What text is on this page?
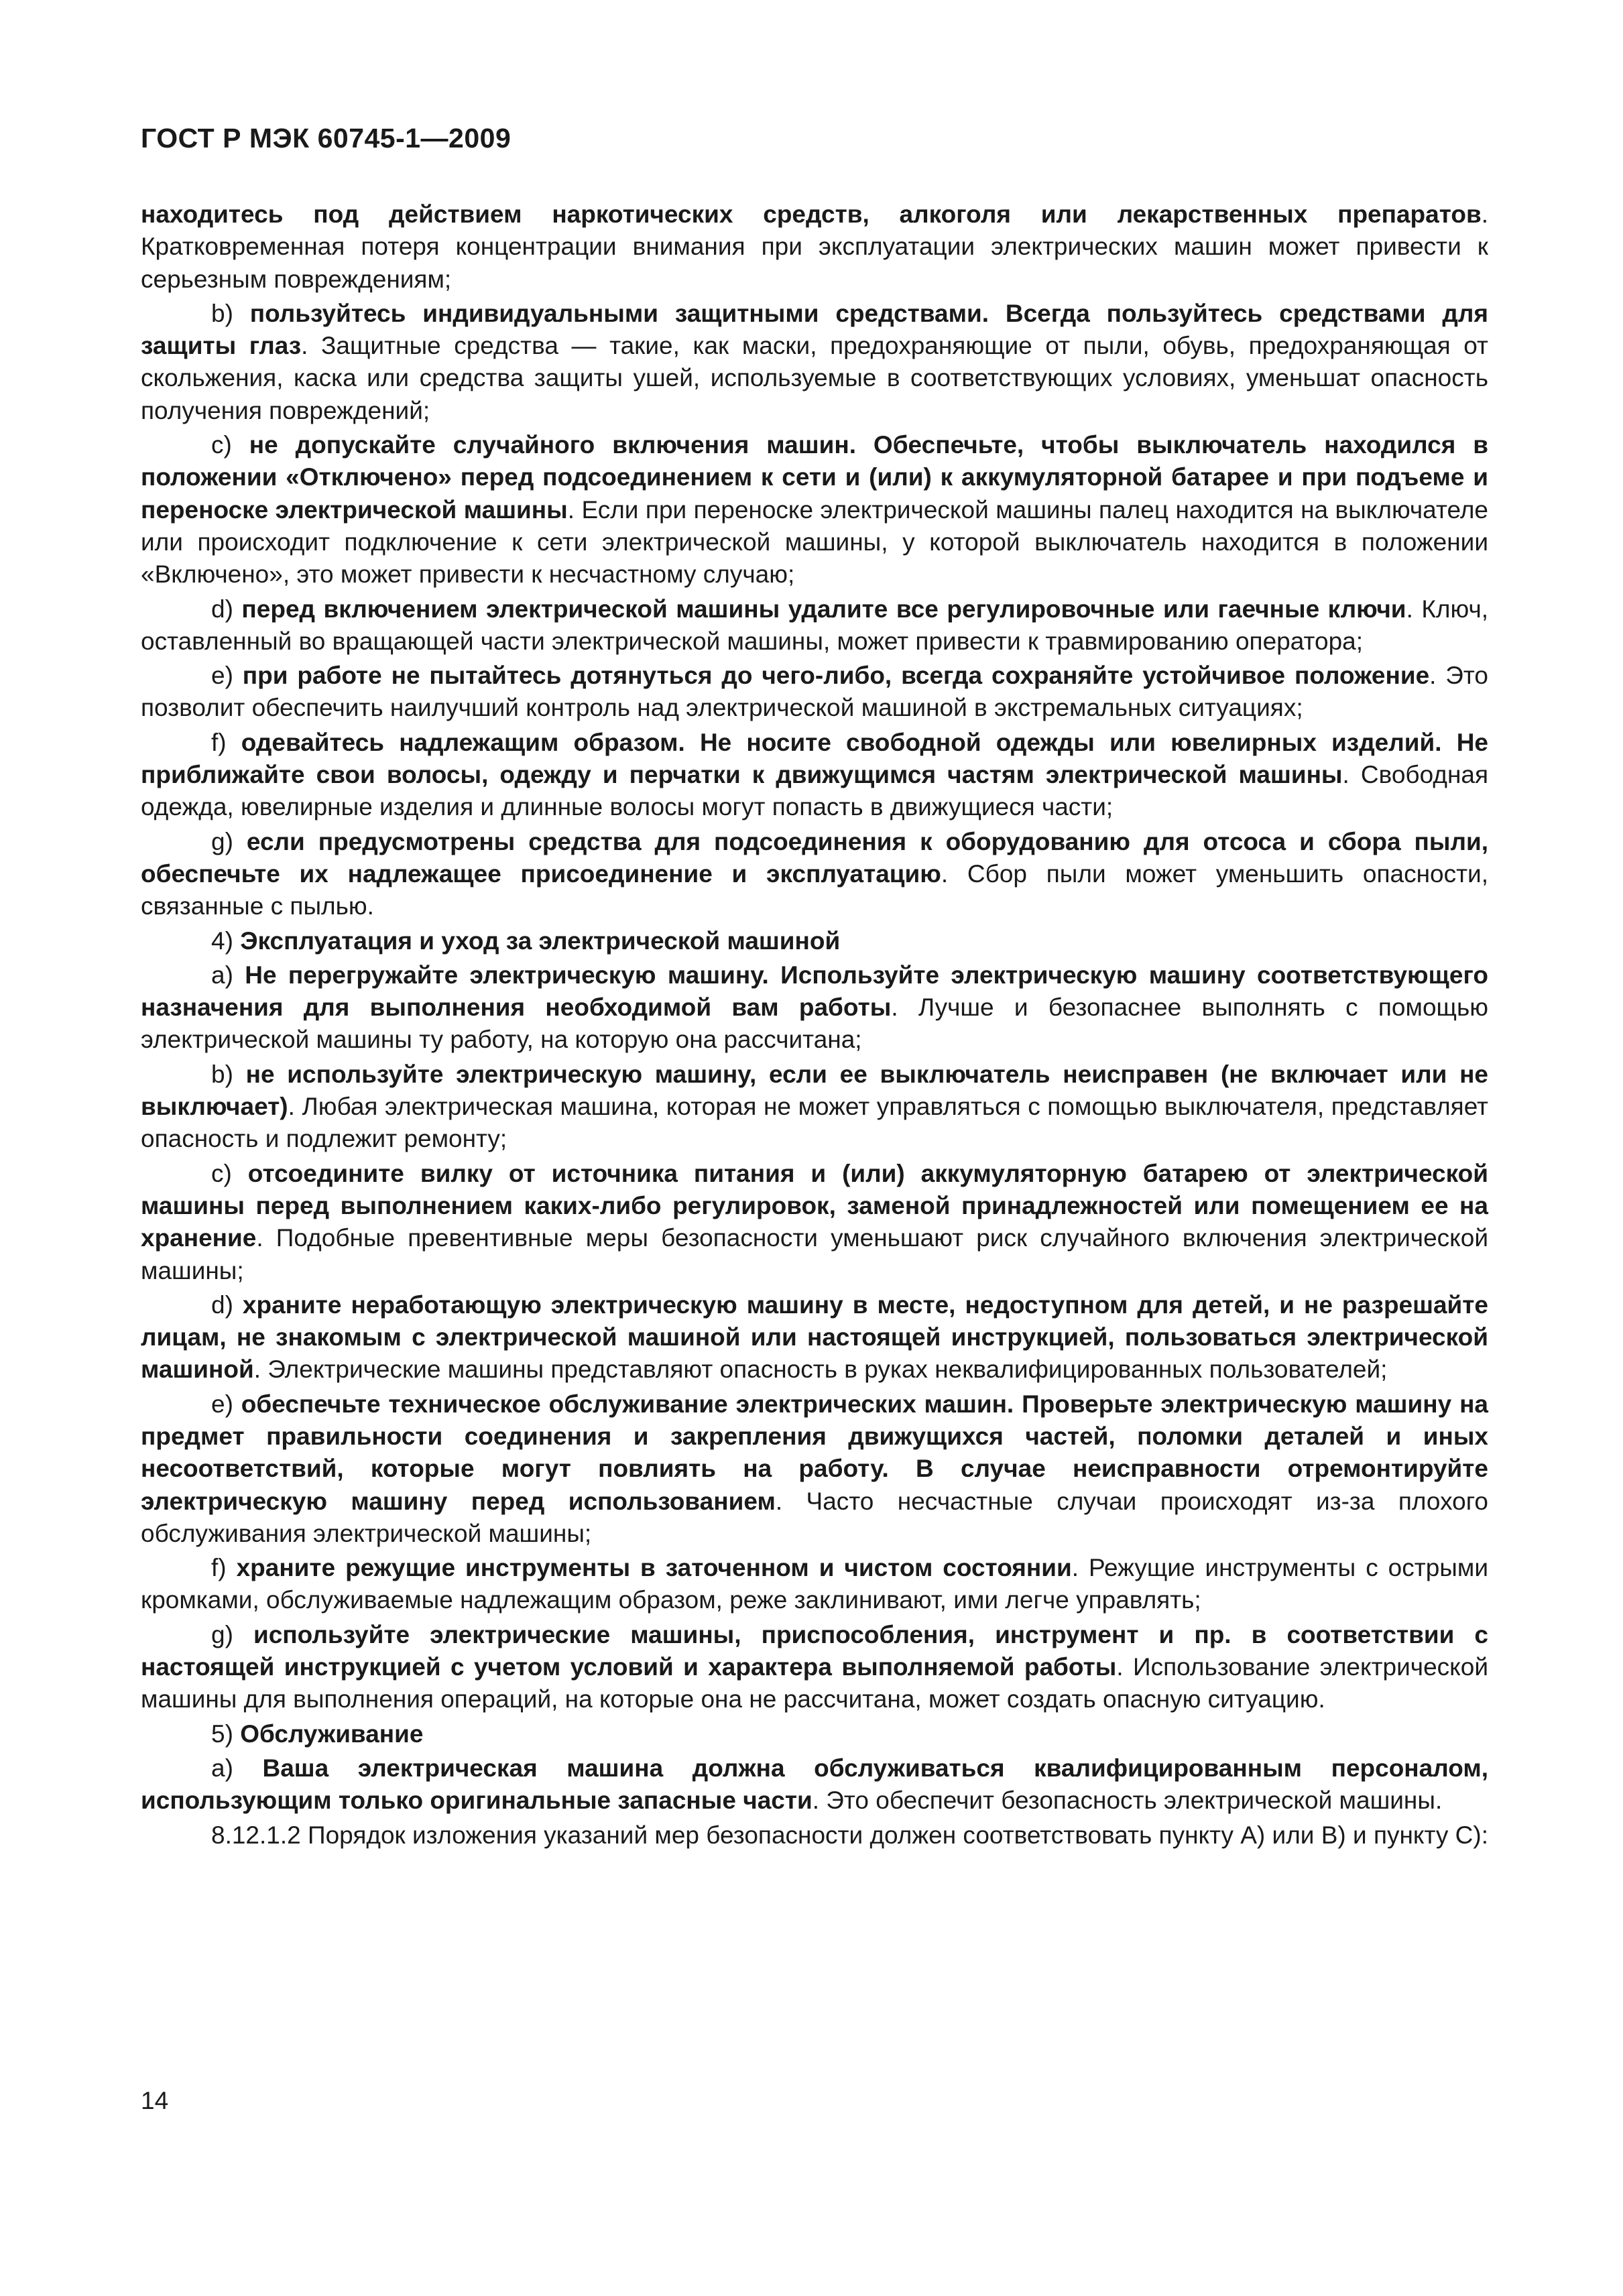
ГОСТ Р МЭК 60745-1—2009

находитесь под действием наркотических средств, алкоголя или лекарственных препаратов. Кратковременная потеря концентрации внимания при эксплуатации электрических машин может привести к серьезным повреждениям;

b) пользуйтесь индивидуальными защитными средствами. Всегда пользуйтесь средствами для защиты глаз. Защитные средства — такие, как маски, предохраняющие от пыли, обувь, предохраняющая от скольжения, каска или средства защиты ушей, используемые в соответствующих условиях, уменьшат опасность получения повреждений;

c) не допускайте случайного включения машин. Обеспечьте, чтобы выключатель находился в положении «Отключено» перед подсоединением к сети и (или) к аккумуляторной батарее и при подъеме и переноске электрической машины. Если при переноске электрической машины палец находится на выключателе или происходит подключение к сети электрической машины, у которой выключатель находится в положении «Включено», это может привести к несчастному случаю;

d) перед включением электрической машины удалите все регулировочные или гаечные ключи. Ключ, оставленный во вращающей части электрической машины, может привести к травмированию оператора;

e) при работе не пытайтесь дотянуться до чего-либо, всегда сохраняйте устойчивое положение. Это позволит обеспечить наилучший контроль над электрической машиной в экстремальных ситуациях;

f) одевайтесь надлежащим образом. Не носите свободной одежды или ювелирных изделий. Не приближайте свои волосы, одежду и перчатки к движущимся частям электрической машины. Свободная одежда, ювелирные изделия и длинные волосы могут попасть в движущиеся части;

g) если предусмотрены средства для подсоединения к оборудованию для отсоса и сбора пыли, обеспечьте их надлежащее присоединение и эксплуатацию. Сбор пыли может уменьшить опасности, связанные с пылью.

4) Эксплуатация и уход за электрической машиной

a) Не перегружайте электрическую машину. Используйте электрическую машину соответствующего назначения для выполнения необходимой вам работы. Лучше и безопаснее выполнять с помощью электрической машины ту работу, на которую она рассчитана;

b) не используйте электрическую машину, если ее выключатель неисправен (не включает или не выключает). Любая электрическая машина, которая не может управляться с помощью выключателя, представляет опасность и подлежит ремонту;

c) отсоедините вилку от источника питания и (или) аккумуляторную батарею от электрической машины перед выполнением каких-либо регулировок, заменой принадлежностей или помещением ее на хранение. Подобные превентивные меры безопасности уменьшают риск случайного включения электрической машины;

d) храните неработающую электрическую машину в месте, недоступном для детей, и не разрешайте лицам, не знакомым с электрической машиной или настоящей инструкцией, пользоваться электрической машиной. Электрические машины представляют опасность в руках неквалифицированных пользователей;

e) обеспечьте техническое обслуживание электрических машин. Проверьте электрическую машину на предмет правильности соединения и закрепления движущихся частей, поломки деталей и иных несоответствий, которые могут повлиять на работу. В случае неисправности отремонтируйте электрическую машину перед использованием. Часто несчастные случаи происходят из-за плохого обслуживания электрической машины;

f) храните режущие инструменты в заточенном и чистом состоянии. Режущие инструменты с острыми кромками, обслуживаемые надлежащим образом, реже заклинивают, ими легче управлять;

g) используйте электрические машины, приспособления, инструмент и пр. в соответствии с настоящей инструкцией с учетом условий и характера выполняемой работы. Использование электрической машины для выполнения операций, на которые она не рассчитана, может создать опасную ситуацию.

5) Обслуживание

a) Ваша электрическая машина должна обслуживаться квалифицированным персоналом, использующим только оригинальные запасные части. Это обеспечит безопасность электрической машины.

8.12.1.2 Порядок изложения указаний мер безопасности должен соответствовать пункту А) или В) и пункту С):

14
